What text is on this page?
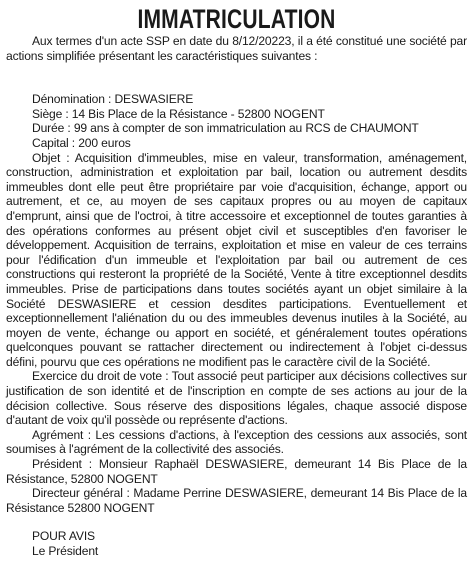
IMMATRICULATION

Aux termes d'un acte SSP en date du 8/12/20223, il a été constitué une société par actions simplifiée présentant les caractéristiques suivantes :

Dénomination : DESWASIERE

Siège : 14 Bis Place de la Résistance - 52800 NOGENT

Durée : 99 ans à compter de son immatriculation au RCS de CHAUMONT

Capital : 200 euros

Objet : Acquisition d'immeubles, mise en valeur, transformation, aménagement, construction, administration et exploitation par bail, location ou autrement desdits immeubles dont elle peut être propriétaire par voie d'acquisition, échange, apport ou autrement, et ce, au moyen de ses capitaux propres ou au moyen de capitaux d'emprunt, ainsi que de l'octroi, à titre accessoire et exceptionnel de toutes garanties à des opérations conformes au présent objet civil et susceptibles d'en favoriser le développement. Acquisition de terrains, exploitation et mise en valeur de ces terrains pour l'édification d'un immeuble et l'exploitation par bail ou autrement de ces constructions qui resteront la propriété de la Société, Vente à titre exceptionnel desdits immeubles. Prise de participations dans toutes sociétés ayant un objet similaire à la Société DESWASIERE et cession desdites participations. Eventuellement et exceptionnellement l'aliénation du ou des immeubles devenus inutiles à la Société, au moyen de vente, échange ou apport en société, et généralement toutes opérations quelconques pouvant se rattacher directement ou indirectement à l'objet ci-dessus défini, pourvu que ces opérations ne modifient pas le caractère civil de la Société.

Exercice du droit de vote : Tout associé peut participer aux décisions collectives sur justification de son identité et de l'inscription en compte de ses actions au jour de la décision collective. Sous réserve des dispositions légales, chaque associé dispose d'autant de voix qu'il possède ou représente d'actions.

Agrément : Les cessions d'actions, à l'exception des cessions aux associés, sont soumises à l'agrément de la collectivité des associés.

Président : Monsieur Raphaël DESWASIERE, demeurant 14 Bis Place de la Résistance, 52800 NOGENT

Directeur général : Madame Perrine DESWASIERE, demeurant 14 Bis Place de la Résistance 52800 NOGENT

POUR AVIS

Le Président
